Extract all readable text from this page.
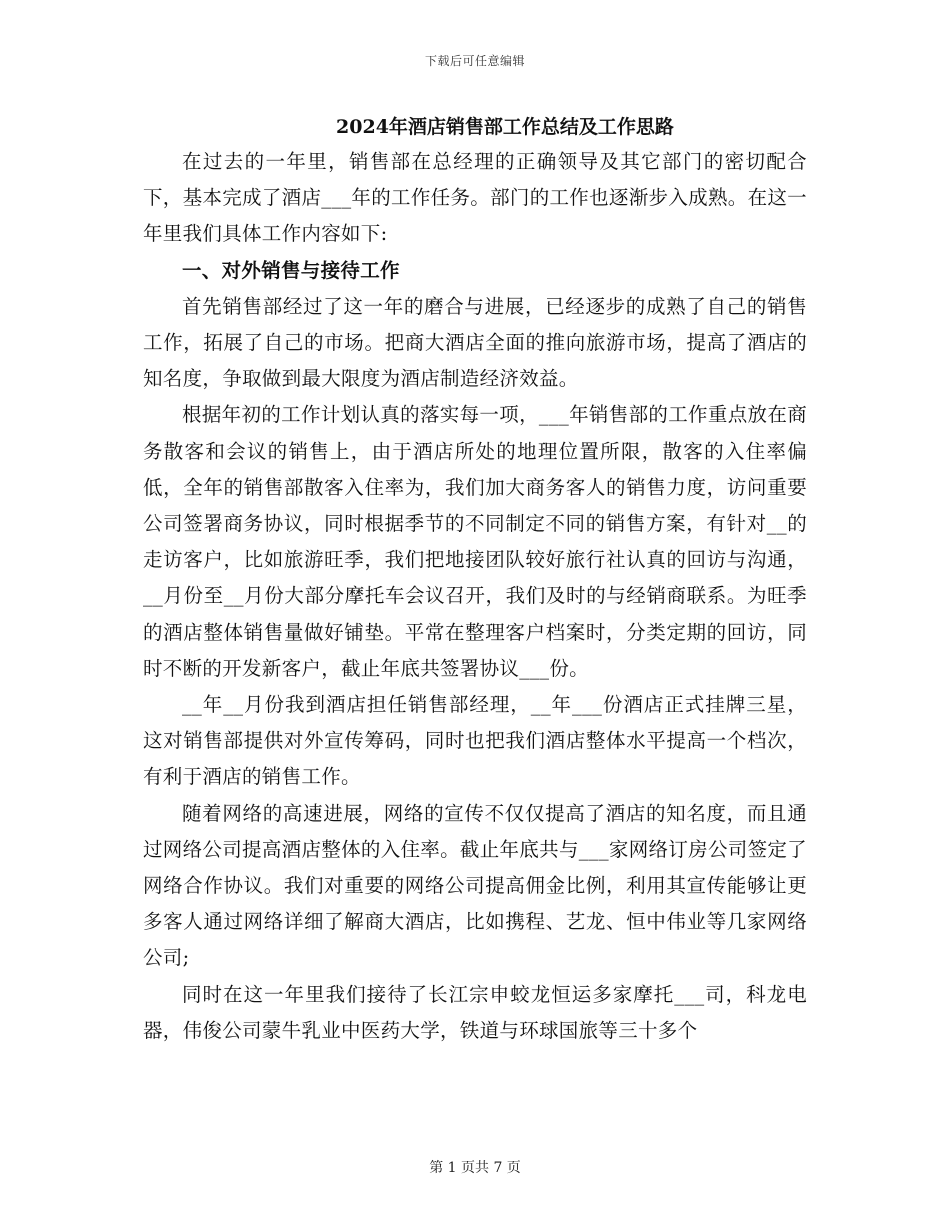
下载后可任意编辑
2024年酒店销售部工作总结及工作思路

在过去的一年里，销售部在总经理的正确领导及其它部门的密切配合下，基本完成了酒店___年的工作任务。部门的工作也逐渐步入成熟。在这一年里我们具体工作内容如下:

一、对外销售与接待工作

首先销售部经过了这一年的磨合与进展，已经逐步的成熟了自己的销售工作，拓展了自己的市场。把商大酒店全面的推向旅游市场，提高了酒店的知名度，争取做到最大限度为酒店制造经济效益。

根据年初的工作计划认真的落实每一项，___年销售部的工作重点放在商务散客和会议的销售上，由于酒店所处的地理位置所限，散客的入住率偏低，全年的销售部散客入住率为，我们加大商务客人的销售力度，访问重要公司签署商务协议，同时根据季节的不同制定不同的销售方案，有针对__的走访客户，比如旅游旺季，我们把地接团队较好旅行社认真的回访与沟通，__月份至__月份大部分摩托车会议召开，我们及时的与经销商联系。为旺季的酒店整体销售量做好铺垫。平常在整理客户档案时，分类定期的回访，同时不断的开发新客户，截止年底共签署协议___份。

__年__月份我到酒店担任销售部经理，__年___份酒店正式挂牌三星，这对销售部提供对外宣传筹码，同时也把我们酒店整体水平提高一个档次，有利于酒店的销售工作。

随着网络的高速进展，网络的宣传不仅仅提高了酒店的知名度，而且通过网络公司提高酒店整体的入住率。截止年底共与___家网络订房公司签定了网络合作协议。我们对重要的网络公司提高佣金比例，利用其宣传能够让更多客人通过网络详细了解商大酒店，比如携程、艺龙、恒中伟业等几家网络公司;

同时在这一年里我们接待了长江宗申蛟龙恒运多家摩托___司，科龙电器，伟俊公司蒙牛乳业中医药大学，铁道与环球国旅等三十多个

第 1 页共 7 页
